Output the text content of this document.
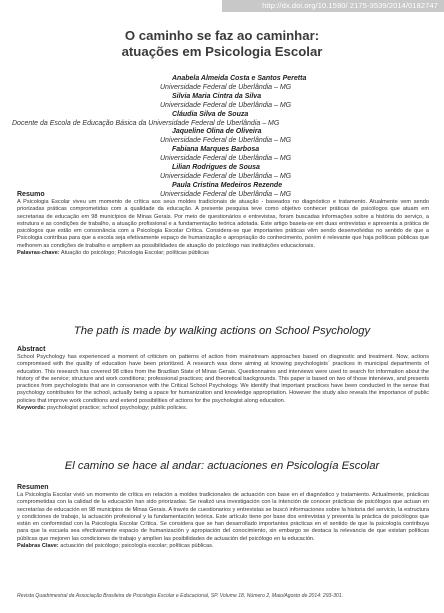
http://dx.doi.org/10.1590/ 2175-3539/2014/0182747
O caminho se faz ao caminhar:
atuações em Psicologia Escolar
Anabela Almeida Costa e Santos Peretta
Universidade Federal de Uberlândia – MG
Silvia Maria Cintra da Silva
Universidade Federal de Uberlândia – MG
Cláudia Silva de Souza
Docente da Escola de Educação Básica da Universidade Federal de Uberlândia – MG
Jaqueline Olina de Oliveira
Universidade Federal de Uberlândia – MG
Fabiana Marques Barbosa
Universidade Federal de Uberlândia – MG
Lilian Rodrigues de Sousa
Universidade Federal de Uberlândia – MG
Paula Cristina Medeiros Rezende
Universidade Federal de Uberlândia – MG
Resumo
A Psicologia Escolar viveu um momento de crítica aos seus moldes tradicionais de atuação - baseados no diagnóstico e tratamento. Atualmente vem sendo priorizadas práticas comprometidas com a qualidade da educação. A presente pesquisa teve como objetivo conhecer práticas de psicólogos que atuam em secretarias de educação em 98 municípios de Minas Gerais. Por meio de questionários e entrevistas, foram buscadas informações sobre a história do serviço, a estrutura e as condições de trabalho, a atuação profissional e a fundamentação teórica adotada. Este artigo baseia-se em duas entrevistas e apresenta a prática de psicólogos que estão em consonância com a Psicologia Escolar Crítica. Considera-se que importantes práticas vêm sendo desenvolvidas no sentido de que a Psicologia contribua para que a escola seja efetivamente espaço de humanização e apropriação do conhecimento, porém é relevante que haja políticas públicas que melhorem as condições de trabalho e ampliem as possibilidades de atuação do psicólogo nas instituições educacionais.
Palavras-chave: Atuação do psicólogo; Psicologia Escolar; políticas públicas
The path is made by walking actions on School Psychology
Abstract
School Psychology has experienced a moment of criticism on patterns of action from mainstream approaches based on diagnostic and treatment. Now, actions compromised with the quality of education have been prioritized. A research was done aiming at knowing psychologists´ practices in municipal departments of education. This research has covered 98 cities from the Brazilian State of Minas Gerais. Questionnaires and interviews were used to search for information about the history of the service; structure and work conditions; professional practices; and theoretical backgrounds. This paper is based on two of those interviews, and presents practices from psychologists that are in consonance with the Critical School Psychology. We identify that important practices have been conducted in the sense that psychology contributes for the school, actually being a space for humanization and knowledge appropriation. However the study also reveals the importance of public policies that improve work conditions and extend possibilities of actions for the psychologist along education.
Keywords: psychologist practice; school psychology; public policies.
El camino se hace al andar: actuaciones en Psicología Escolar
Resumen
La Psicología Escolar vivió un momento de crítica en relación a moldes tradicionales de actuación con base en el diagnóstico y tratamiento. Actualmente, prácticas comprometidas con la calidad de la educación han sido priorizadas. Se realizó una investigación con la intención de conocer prácticas de psicólogos que actuan en secretarías de educación en 98 municipios de Minas Gerais. A través de cuestionarios y entrevistas se buscó informaciones sobre la historia del servicio, la estructura y condiciones de trabajo, la actuación profesional y la fundamentación teórica. Este artículo tiene por base dos entrevistas y presenta la práctica de psicólogos que están en conformidad con la Psicología Escolar Crítica. Se considera que se han desarrollado importantes prácticas en el sentido de que la psicología contribuya para que la escuela sea efectivamente espacio de humanización y apropiación del conocimiento, sin embargo se destaca la relevancia de que existan políticas públicas que mejoren las condiciones de trabajo y amplíen las posibilidades de actuación del psicólogo en la educación.
Palabras Clave: actuación del psicólogo; psicología escolar; políticas públicas.
Revista Quadrimestral da Associação Brasileira de Psicologia Escolar e Educacional, SP. Volume 18, Número 2, Maio/Agosto de 2014: 293-301.
